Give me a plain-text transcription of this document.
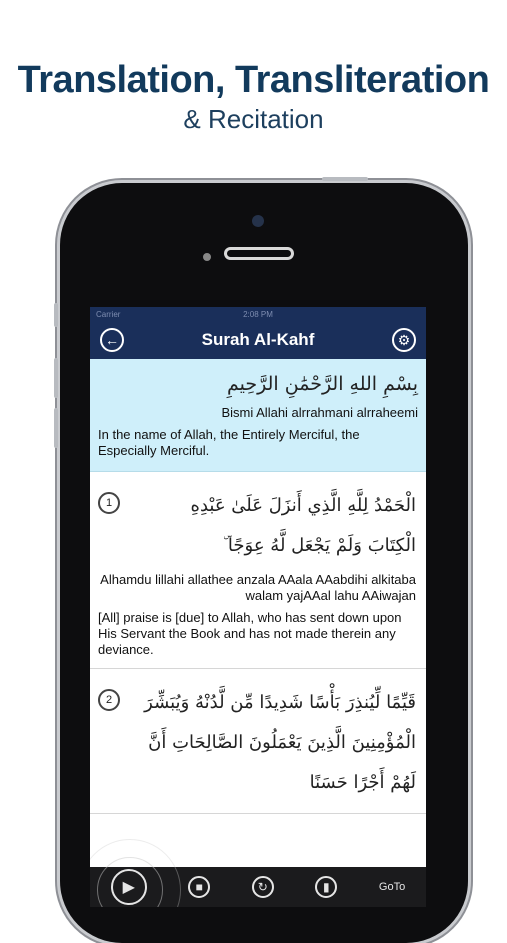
Translation, Transliteration
& Recitation
Carrier	2:08 PM
←	Surah Al-Kahf	⚙
بِسْمِ اللهِ الرَّحْمَٰنِ الرَّحِيمِ
Bismi Allahi alrrahmani alrraheemi
In the name of Allah, the Entirely Merciful, the Especially Merciful.
1	الْحَمْدُ لِلَّهِ الَّذِي أَنزَلَ عَلَىٰ عَبْدِهِ الْكِتَابَ وَلَمْ يَجْعَل لَّهُ عِوَجًا ۜ
Alhamdu lillahi allathee anzala AAala AAabdihi alkitaba walam yajAAal lahu AAiwajan
[All] praise is [due] to Allah, who has sent down upon His Servant the Book and has not made therein any deviance.
2	قَيِّمًا لِّيُنذِرَ بَأْسًا شَدِيدًا مِّن لَّدُنْهُ وَيُبَشِّرَ الْمُؤْمِنِينَ الَّذِينَ يَعْمَلُونَ الصَّالِحَاتِ أَنَّ لَهُمْ أَجْرًا حَسَنًا
▶	■	↻	▮	GoTo
